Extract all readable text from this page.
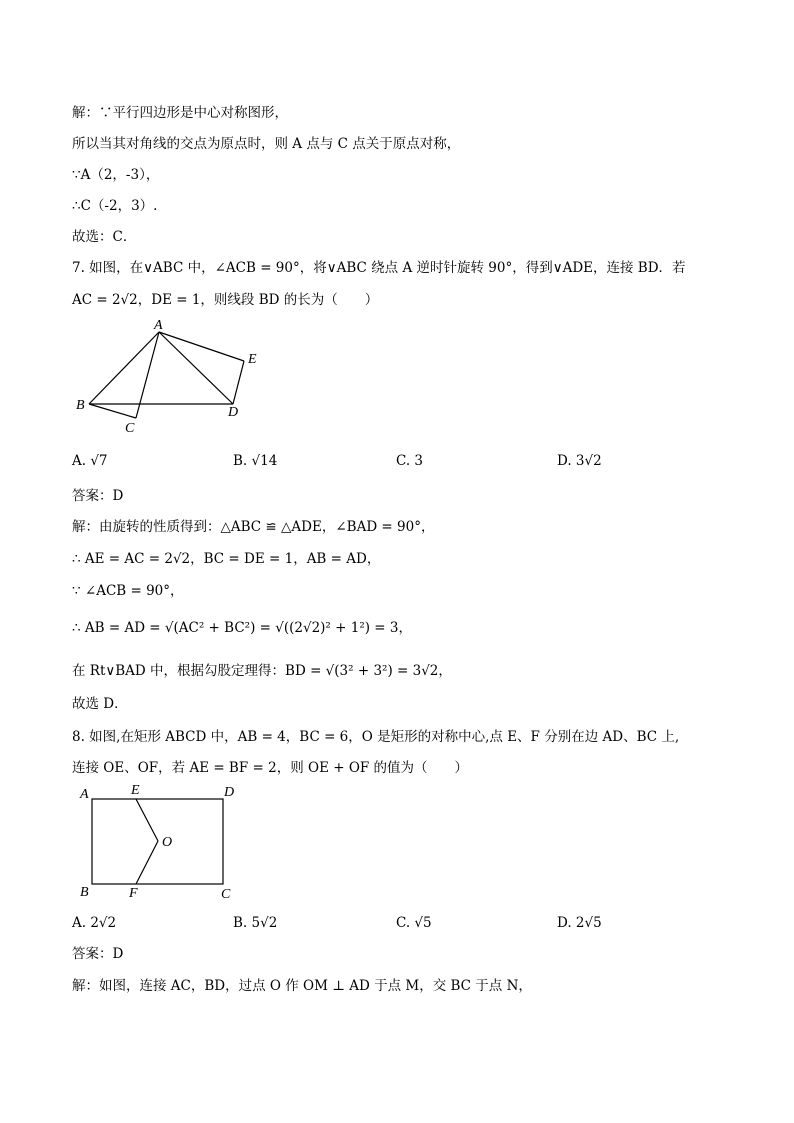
解：∵平行四边形是中心对称图形，
所以当其对角线的交点为原点时，则 A 点与 C 点关于原点对称，
∵A（2，-3），
∴C（-2，3）.
故选：C．
7. 如图，在∨ABC 中，∠ACB = 90°，将∨ABC 绕点 A 逆时针旋转 90°，得到∨ADE，连接 BD．若
AC = 2√2，DE = 1，则线段 BD 的长为（　　）
A
B
C
D
E
A. √7	B. √14	C. 3	D. 3√2
答案：D
解：由旋转的性质得到：△ABC ≌ △ADE，∠BAD = 90°，
∴ AE = AC = 2√2，BC = DE = 1，AB = AD，
∵ ∠ACB = 90°，
∴ AB = AD = √(AC² + BC²) = √((2√2)² + 1²) = 3，
在 Rt∨BAD 中，根据勾股定理得：BD = √(3² + 3²) = 3√2，
故选 D．
8. 如图,在矩形 ABCD 中，AB = 4，BC = 6，O 是矩形的对称中心,点 E、F 分别在边 AD、BC 上,
连接 OE、OF，若 AE = BF = 2，则 OE + OF 的值为（　　）
A	E	D
O
B	F	C
A. 2√2	B. 5√2	C. √5	D. 2√5
答案：D
解：如图，连接 AC，BD，过点 O 作 OM ⊥ AD 于点 M，交 BC 于点 N，
